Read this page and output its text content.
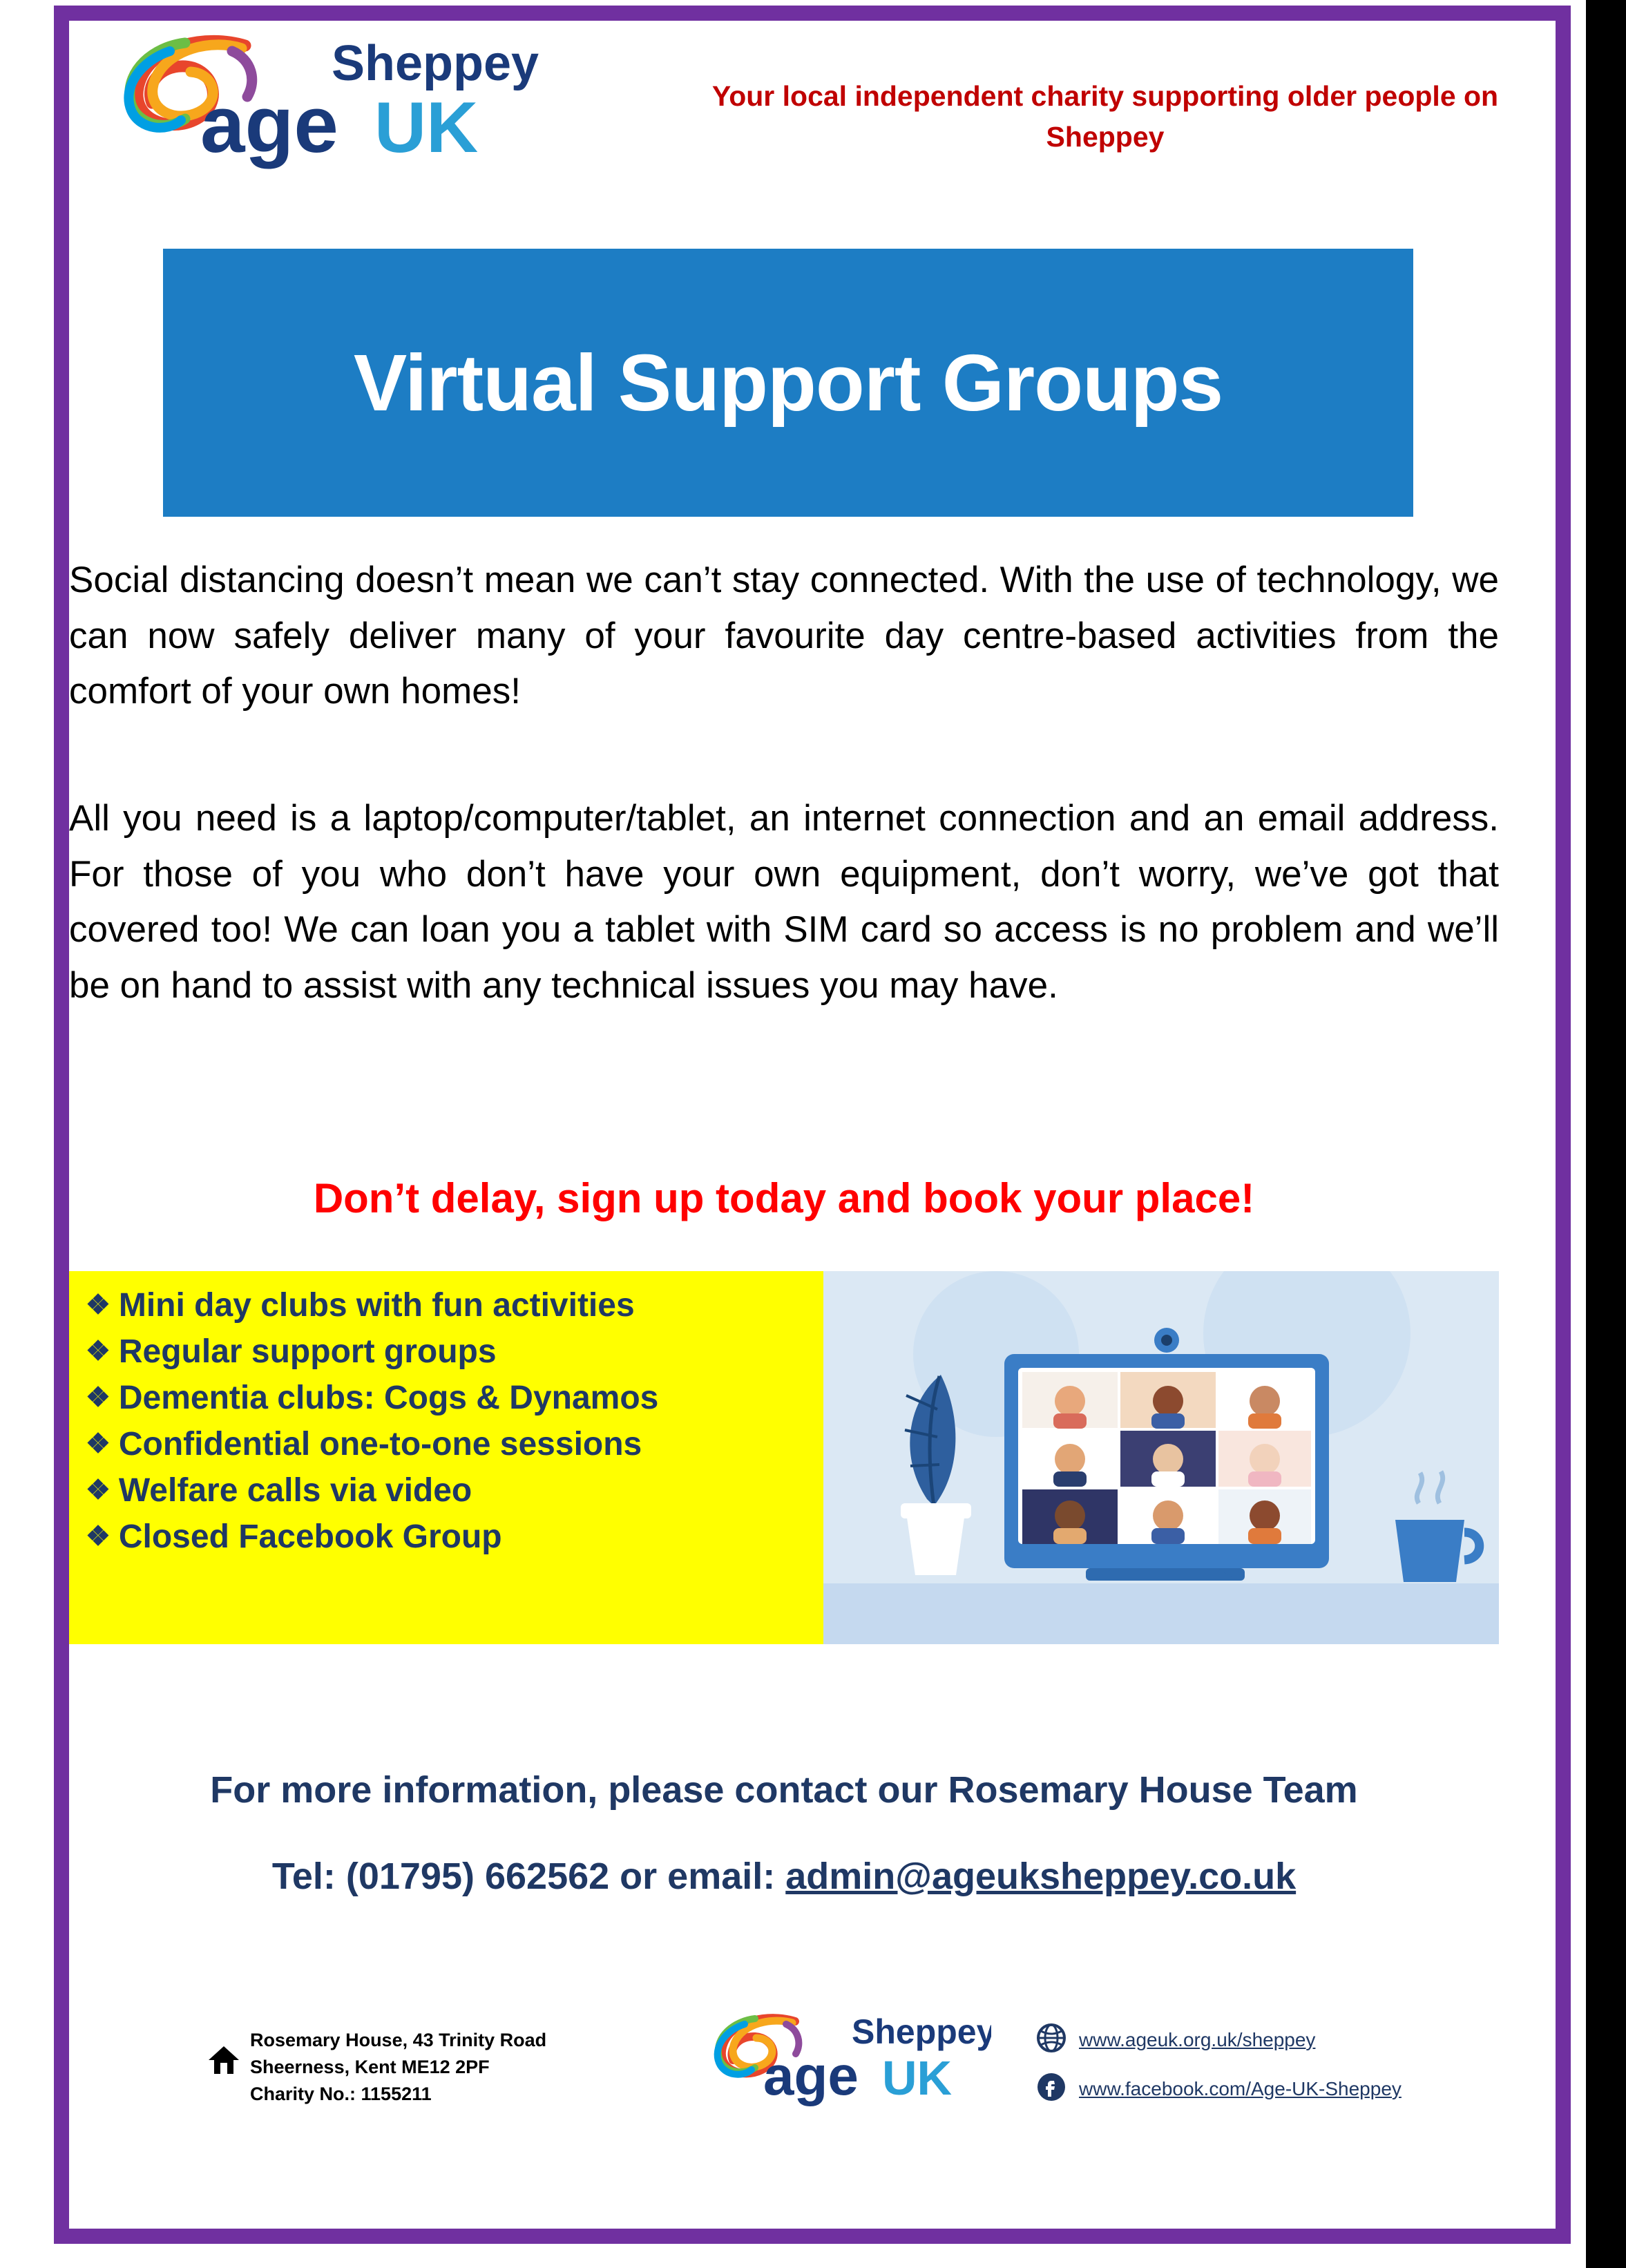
age UK
Sheppey
Your local independent charity supporting older people on Sheppey
Virtual Support Groups
Social distancing doesn’t mean we can’t stay connected. With the use of technology, we can now safely deliver many of your favourite day centre-based activities from the comfort of your own homes!
All you need is a laptop/computer/tablet, an internet connection and an email address. For those of you who don’t have your own equipment, don’t worry, we’ve got that covered too! We can loan you a tablet with SIM card so access is no problem and we’ll be on hand to assist with any technical issues you may have.
Don’t delay, sign up today and book your place!
❖ Mini day clubs with fun activities
❖ Regular support groups
❖ Dementia clubs: Cogs & Dynamos
❖ Confidential one-to-one sessions
❖ Welfare calls via video
❖ Closed Facebook Group
For more information, please contact our Rosemary House Team
Tel: (01795) 662562 or email: admin@ageuksheppey.co.uk
Rosemary House, 43 Trinity Road
Sheerness, Kent ME12 2PF
Charity No.: 1155211	age UK
Sheppey	www.ageuk.org.uk/sheppey
www.facebook.com/Age-UK-Sheppey
